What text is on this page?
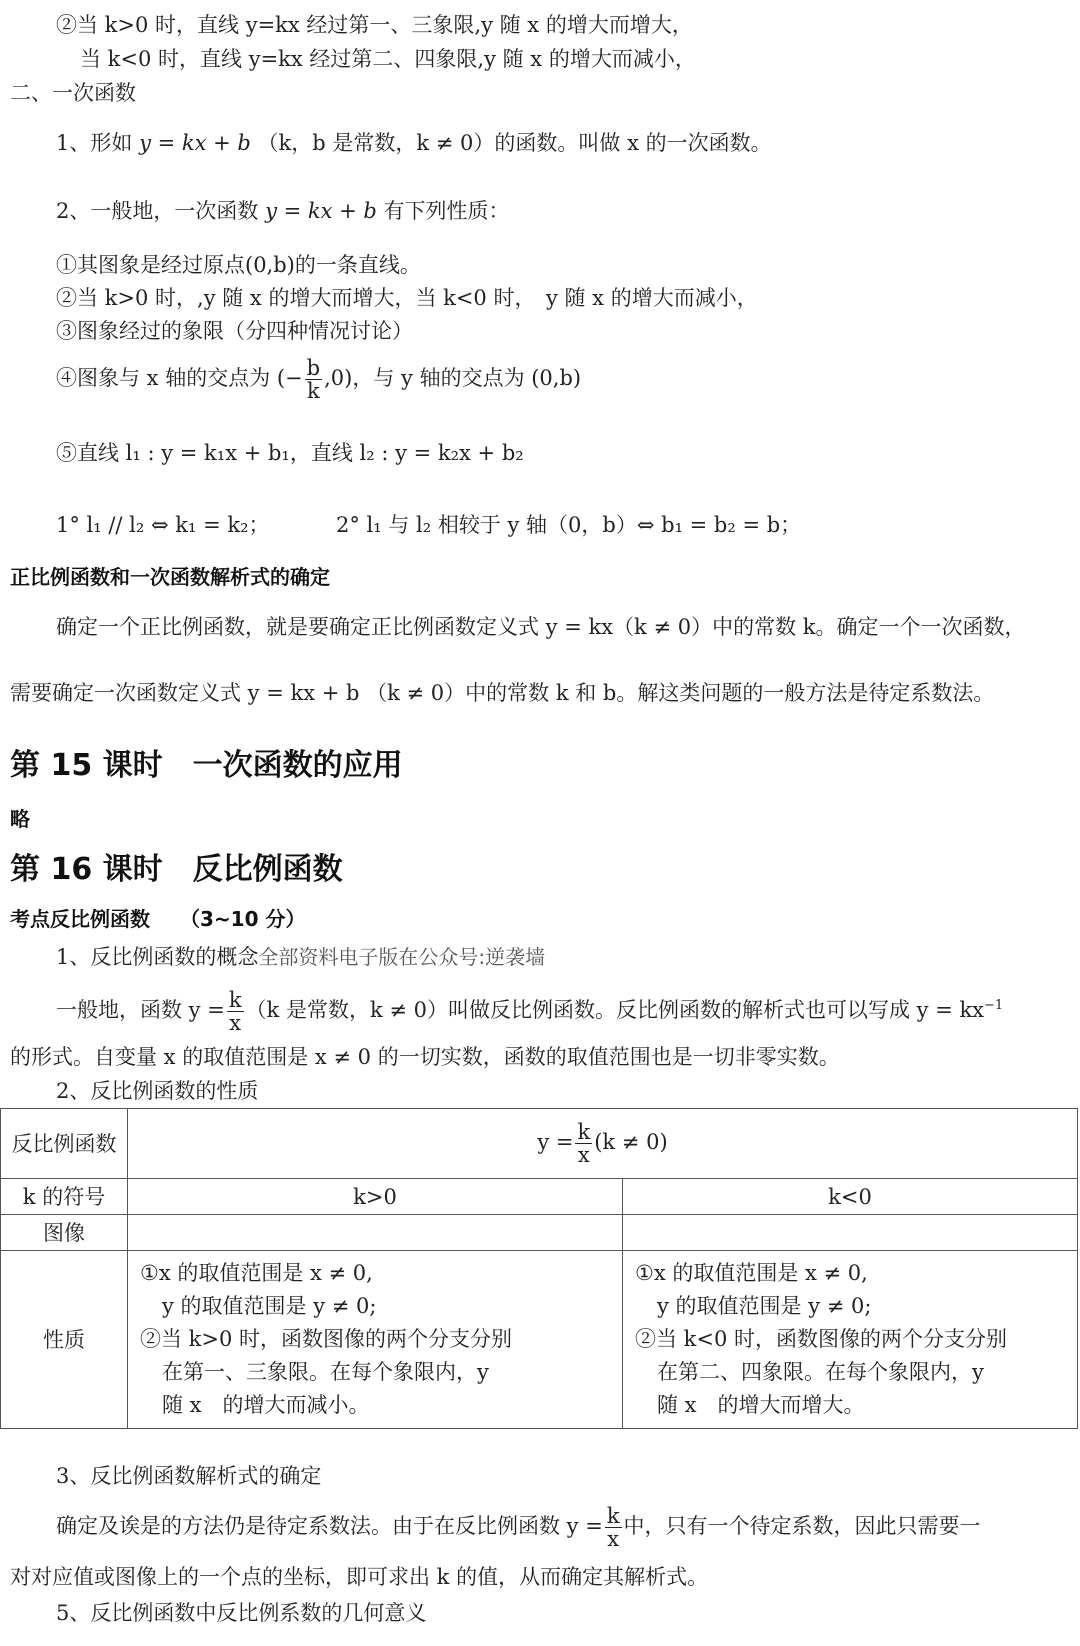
②当 k>0 时，直线 y=kx 经过第一、三象限,y 随 x 的增大而增大，
当 k<0 时，直线 y=kx 经过第二、四象限,y 随 x 的增大而减小，
二、一次函数
1、形如 y = kx + b （k，b 是常数，k ≠ 0）的函数。叫做 x 的一次函数。
2、一般地，一次函数 y = kx + b 有下列性质：
①其图象是经过原点(0,b)的一条直线。
②当 k>0 时，,y 随 x 的增大而增大，当 k<0 时，　y 随 x 的增大而减小，
③图象经过的象限（分四种情况讨论）
④图象与 x 轴的交点为 (− $\frac{b}{k} ,0$)，与 y 轴的交点为 (0,b)
⑤直线 l₁ : y = k₁x + b₁，直线 l₂ : y = k₂x + b₂
1° l₁ // l₂ ⇔ k₁ = k₂；	2° l₁ 与 l₂ 相较于 y 轴（0，b）⇔ b₁ = b₂ = b；
正比例函数和一次函数解析式的确定
确定一个正比例函数，就是要确定正比例函数定义式 y = kx（k ≠ 0）中的常数 k。确定一个一次函数，
需要确定一次函数定义式 y = kx + b （k ≠ 0）中的常数 k 和 b。解这类问题的一般方法是待定系数法。
第 15 课时　一次函数的应用
略
第 16 课时　反比例函数
考点反比例函数　　（3~10 分）
1、反比例函数的概念全部资料电子版在公众号:逆袭墙
一般地，函数 $y = \frac{k}{x} (k$ 是常数，k ≠ 0）叫做反比例函数。反比例函数的解析式也可以写成 $y = kx^{-1}$
的形式。自变量 x 的取值范围是 x ≠ 0 的一切实数，函数的取值范围也是一切非零实数。
2、反比例函数的性质
反比例函数	$y = \frac{k}{x} (k \ne 0)$	
k 的符号	k>0	k<0
图像		
性质	①x 的取值范围是 x ≠ 0,
y 的取值范围是 y ≠ 0;
②当 k>0 时，函数图像的两个分支分别
在第一、三象限。在每个象限内，y
随 x　的增大而减小。	①x 的取值范围是 x ≠ 0,
y 的取值范围是 y ≠ 0;
②当 k<0 时，函数图像的两个分支分别
在第二、四象限。在每个象限内，y
随 x　的增大而增大。
3、反比例函数解析式的确定
确定及诶是的方法仍是待定系数法。由于在反比例函数 $y = \frac{k}{x}$ 中，只有一个待定系数，因此只需要一
对对应值或图像上的一个点的坐标，即可求出 k 的值，从而确定其解析式。
5、反比例函数中反比例系数的几何意义
